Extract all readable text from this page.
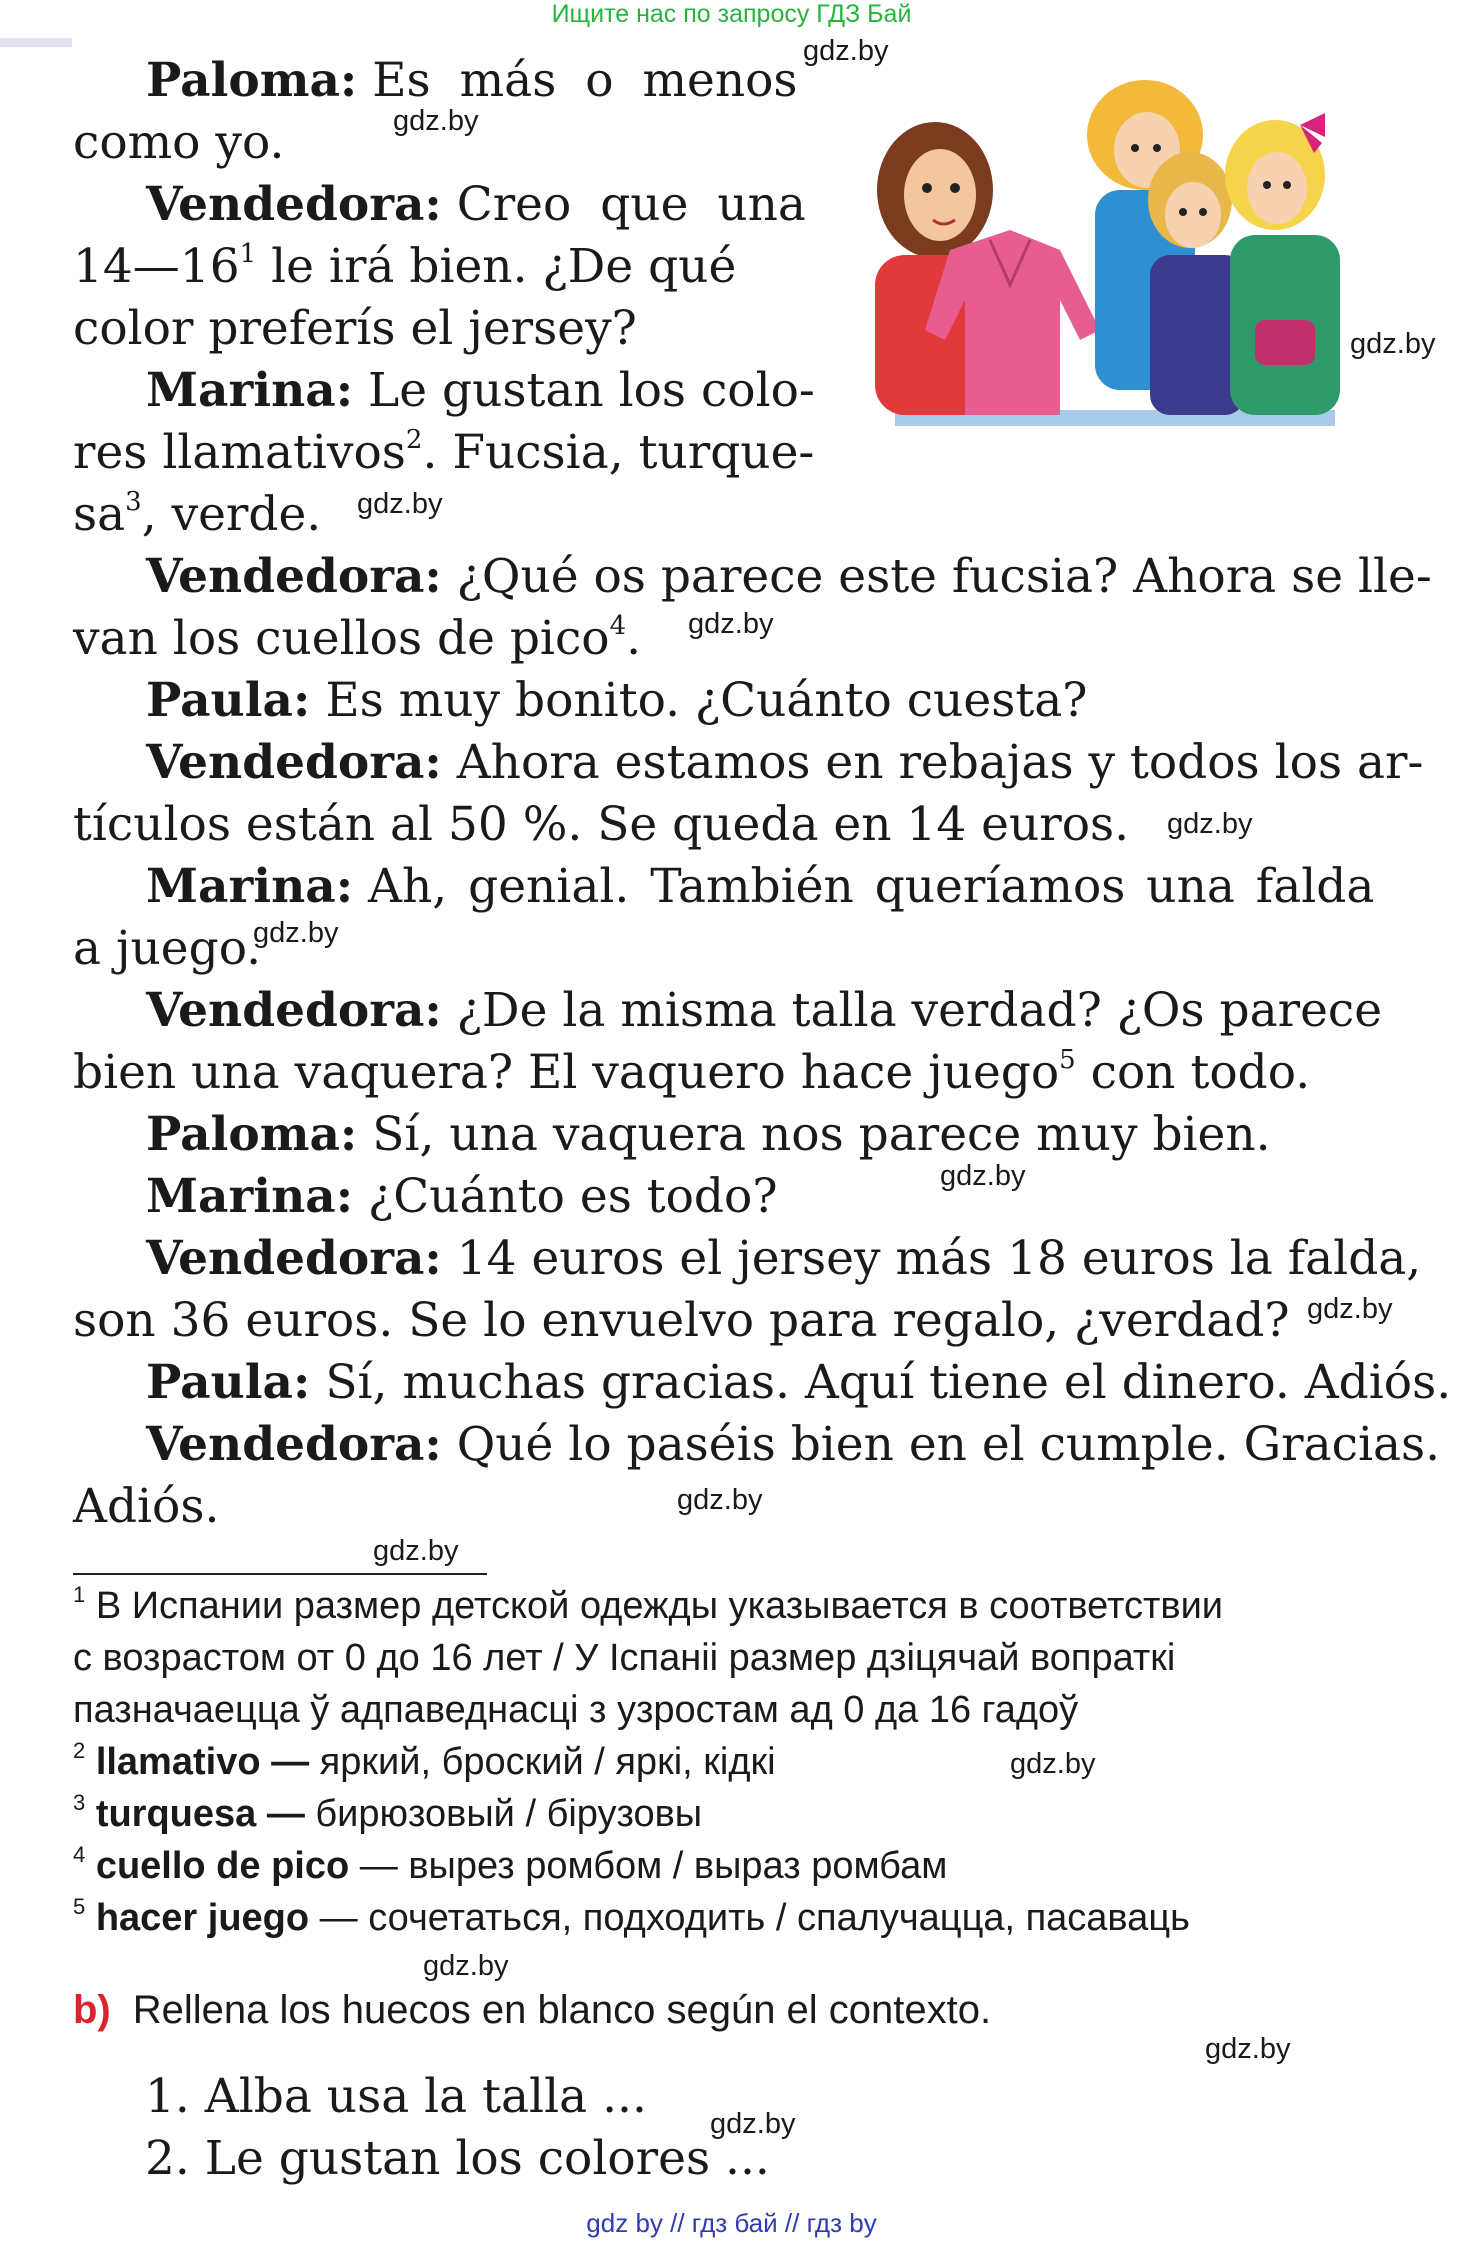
Ищите нас по запросу ГДЗ Бай
Paloma: Es más o menos
como yo.
Vendedora: Creo que una
$14—16^1$ le irá bien. ¿De qué
color preferís el jersey?
Marina: Le gustan los colo-
res llamativos$^2$. Fucsia, turque-
$sa^3$, verde.
Vendedora: ¿Qué os parece este fucsia? Ahora se lle-
van los cuellos de pico$^4$.
Paula: Es muy bonito. ¿Cuánto cuesta?
Vendedora: Ahora estamos en rebajas y todos los ar-
tículos están al 50 %. Se queda en 14 euros.
Marina: Ah, genial. También queríamos una falda
a juego.
Vendedora: ¿De la misma talla verdad? ¿Os parece
bien una vaquera? El vaquero hace juego$^5$ con todo.
Paloma: Sí, una vaquera nos parece muy bien.
Marina: ¿Cuánto es todo?
Vendedora: 14 euros el jersey más 18 euros la falda,
son 36 euros. Se lo envuelvo para regalo, ¿verdad?
Paula: Sí, muchas gracias. Aquí tiene el dinero. Adiós.
Vendedora: Qué lo paséis bien en el cumple. Gracias.
Adiós.
gdz.by
gdz.by
gdz.by
gdz.by
gdz.by
gdz.by
gdz.by
gdz.by
gdz.by
gdz.by
gdz.by
gdz.by
gdz.by
gdz.by
gdz.by
$^1$ В Испании размер детской одежды указывается в соответствии
с возрастом от 0 до 16 лет / У Іспаніі размер дзіцячай вопраткі
пазначаецца ў адпаведнасці з узростам ад 0 да 16 гадоў
$^2$ llamativo — яркий, броский / яркі, кідкі
$^3$ turquesa — бирюзовый / бірузовы
$^4$ cuello de pico — вырез ромбом / выраз ромбам
$^5$ hacer juego — сочетаться, подходить / спалучацца, пасаваць
b) Rellena los huecos en blanco según el contexto.
1. Alba usa la talla ...
2. Le gustan los colores ...
gdz by // гдз бай // гдз by
